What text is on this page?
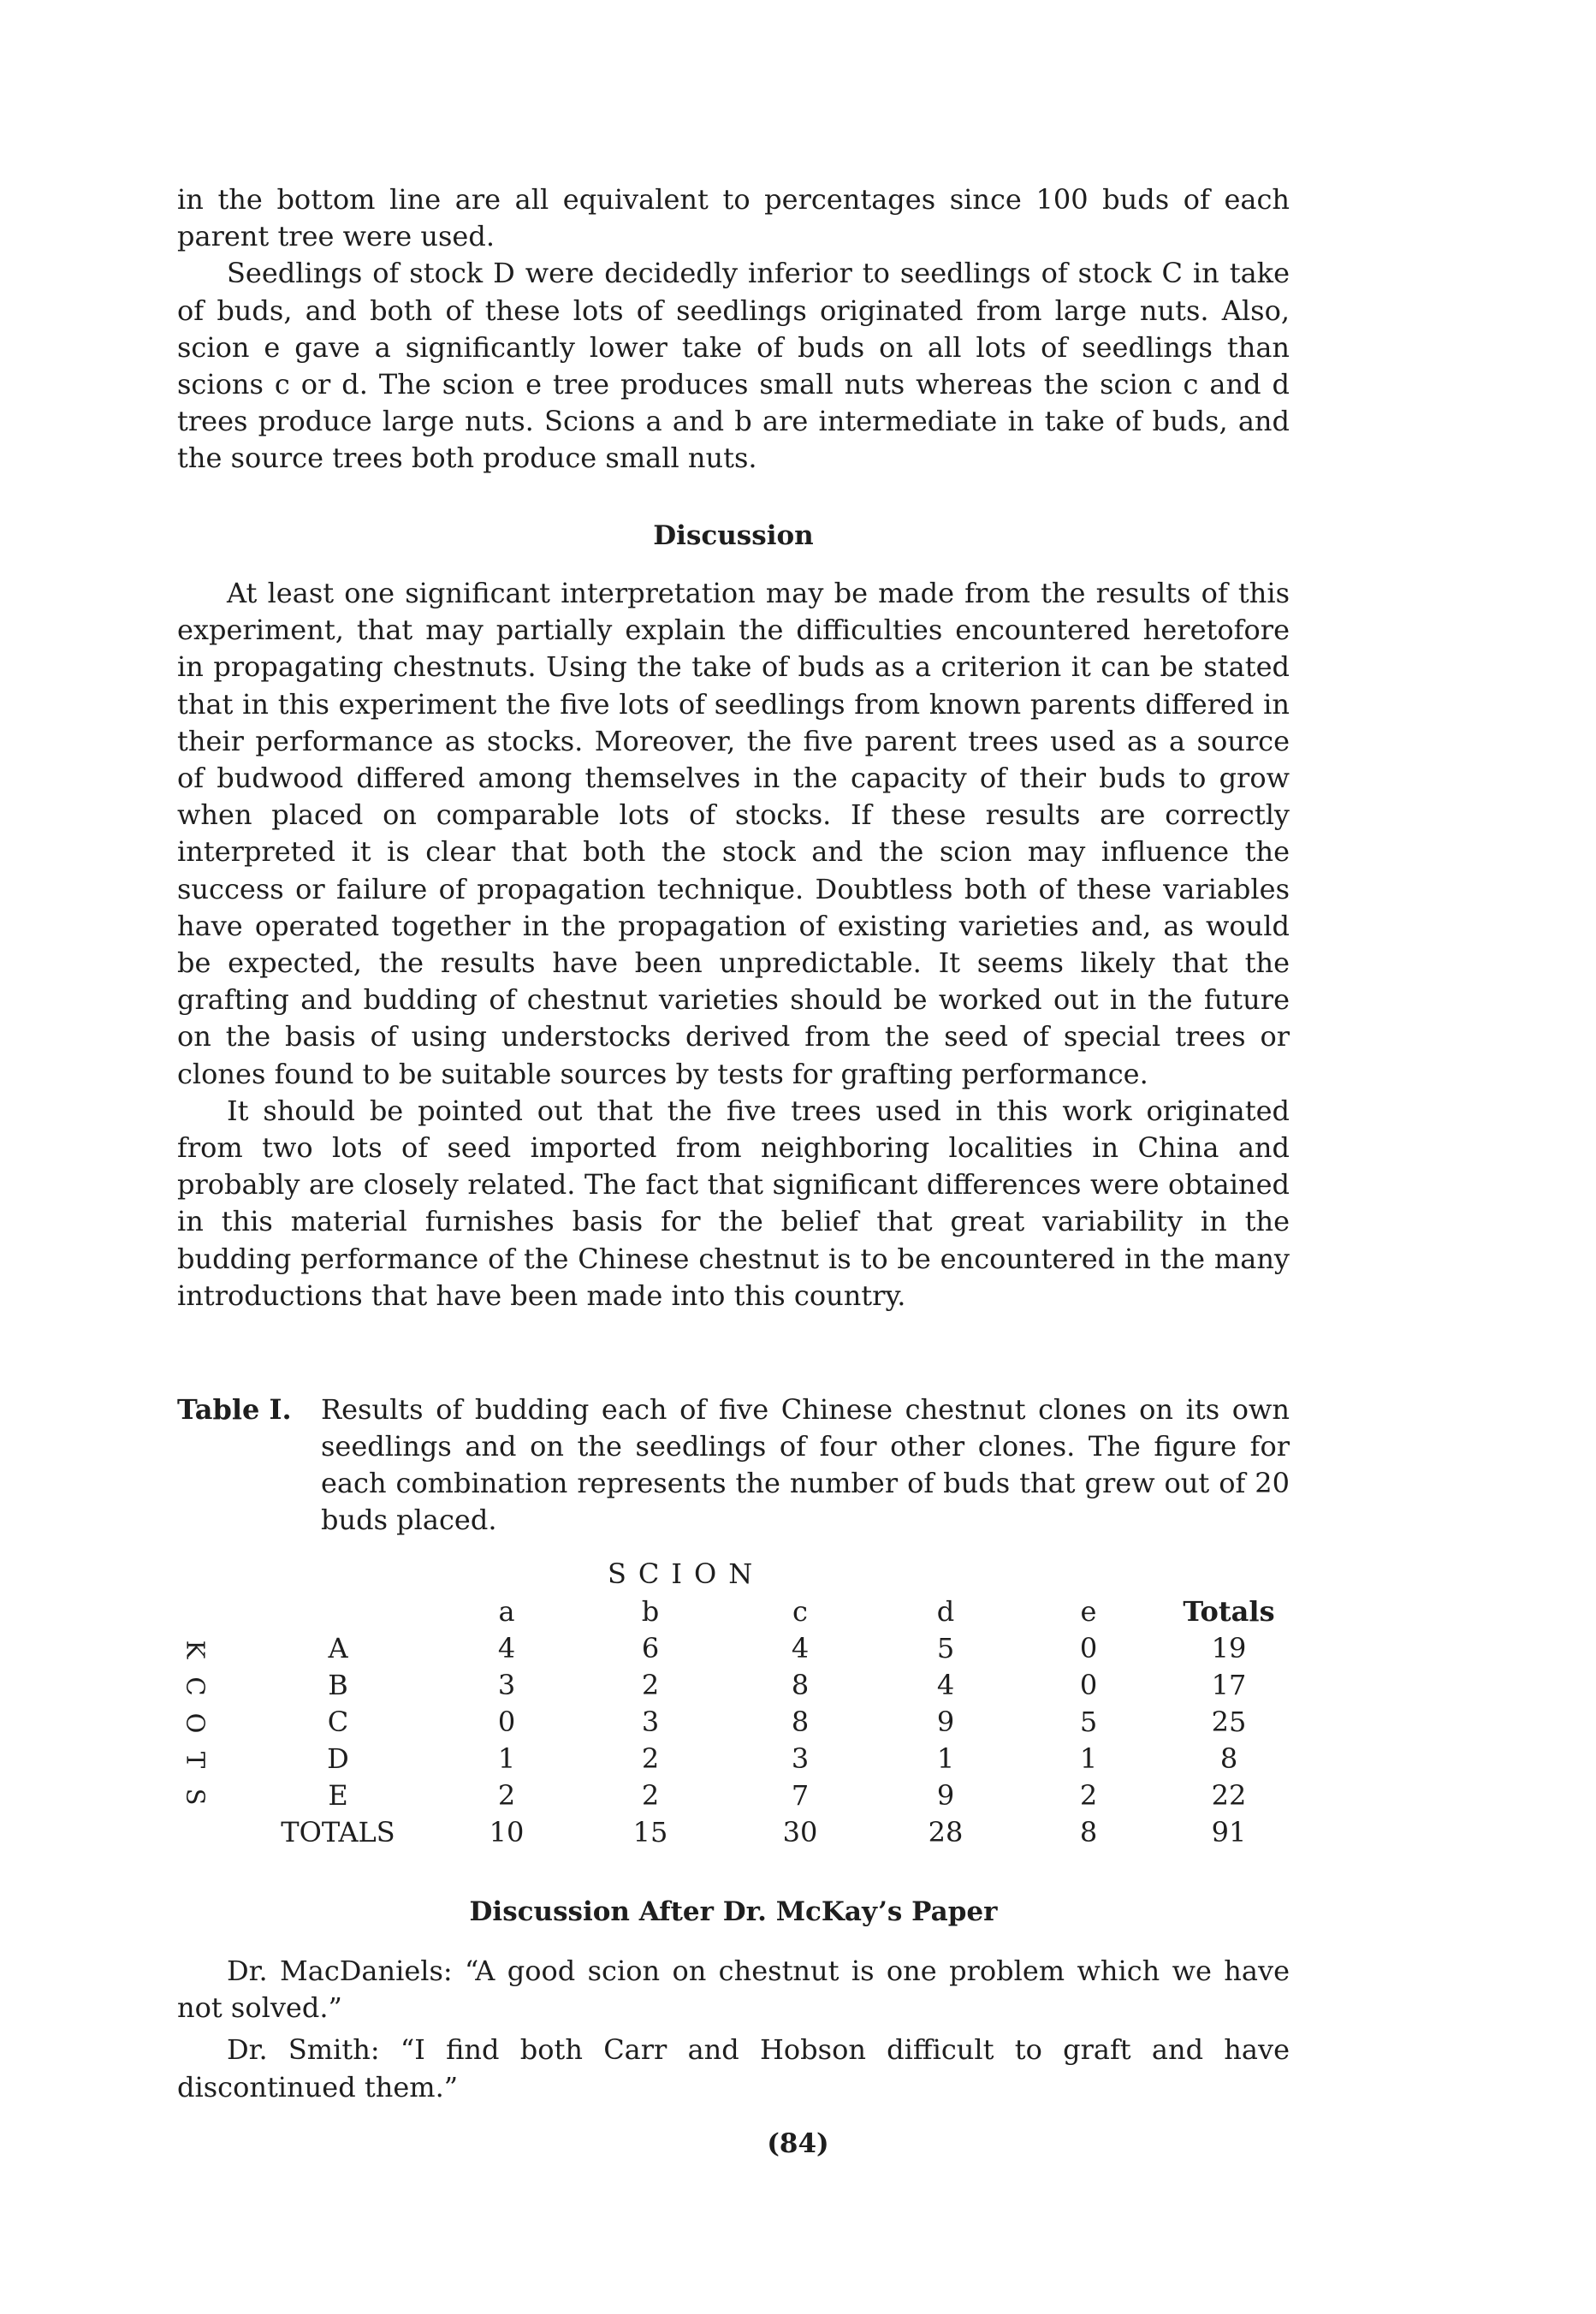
in the bottom line are all equivalent to percentages since 100 buds of each parent tree were used.

Seedlings of stock D were decidedly inferior to seedlings of stock C in take of buds, and both of these lots of seedlings originated from large nuts. Also, scion e gave a significantly lower take of buds on all lots of seedlings than scions c or d. The scion e tree produces small nuts whereas the scion c and d trees produce large nuts. Scions a and b are intermediate in take of buds, and the source trees both produce small nuts.

Discussion

At least one significant interpretation may be made from the results of this experiment, that may partially explain the difficulties encountered heretofore in propagating chestnuts. Using the take of buds as a criterion it can be stated that in this experiment the five lots of seedlings from known parents differed in their performance as stocks. Moreover, the five parent trees used as a source of budwood differed among themselves in the capacity of their buds to grow when placed on comparable lots of stocks. If these results are correctly interpreted it is clear that both the stock and the scion may influence the success or failure of propagation technique. Doubtless both of these variables have operated together in the propagation of existing varieties and, as would be expected, the results have been unpredictable. It seems likely that the grafting and budding of chestnut varieties should be worked out in the future on the basis of using understocks derived from the seed of special trees or clones found to be suitable sources by tests for grafting performance.

It should be pointed out that the five trees used in this work originated from two lots of seed imported from neighboring localities in China and probably are closely related. The fact that significant differences were obtained in this material furnishes basis for the belief that great variability in the budding performance of the Chinese chestnut is to be encountered in the many introductions that have been made into this country.

Table I. Results of budding each of five Chinese chestnut clones on its own seedlings and on the seedlings of four other clones. The figure for each combination represents the number of buds that grew out of 20 buds placed.
SCION
K
C
O
T
S
a	b	c	d	e	Totals
A	4	6	4	5	0	19
B	3	2	8	4	0	17
C	0	3	8	9	5	25
D	1	2	3	1	1	8
E	2	2	7	9	2	22
TOTALS	10	15	30	28	8	91
Discussion After Dr. McKay’s Paper

Dr. MacDaniels: “A good scion on chestnut is one problem which we have not solved.”

Dr. Smith: “I find both Carr and Hobson difficult to graft and have discontinued them.”

(84)
